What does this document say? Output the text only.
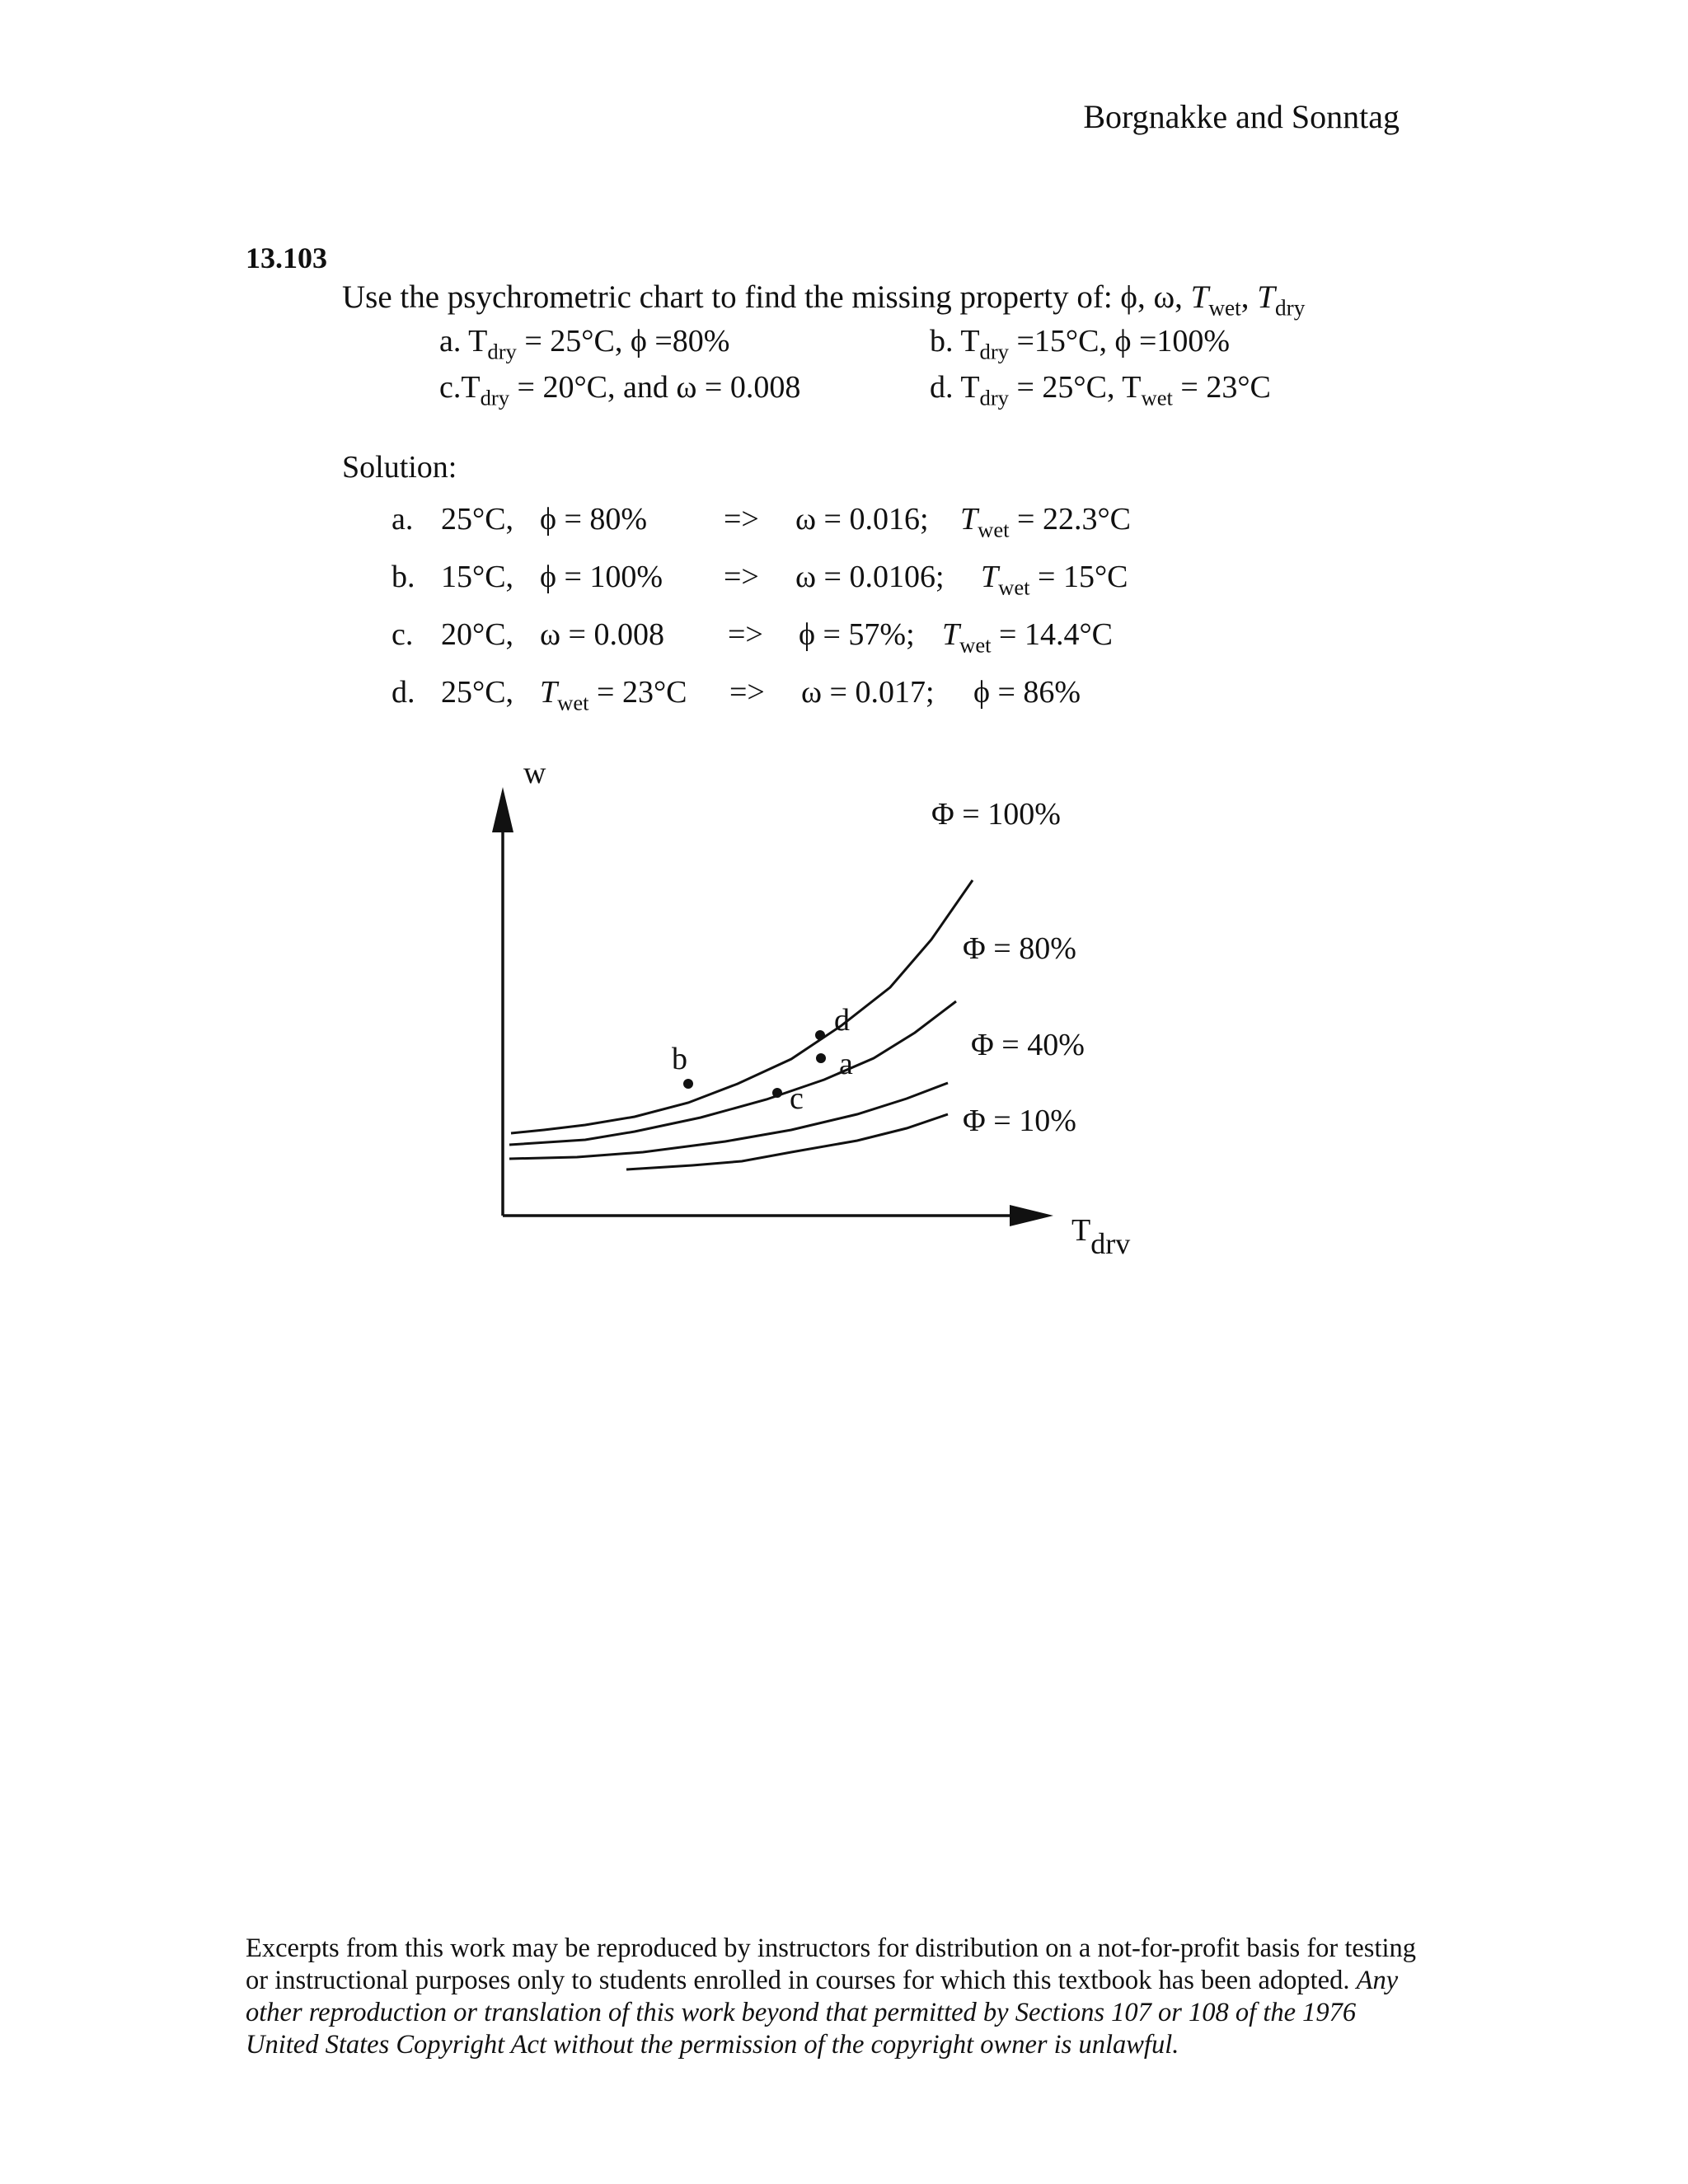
Borgnakke and Sonntag
13.103
Use the psychrometric chart to find the missing property of: ϕ, ω, $T_{wet}$, $T_{dry}$
a. $T_{dry} = 25^\circ C$, ϕ =80%	b. $T_{dry} =15^\circ C$, ϕ =100%
$c.T_{dry} = 20^\circ C$, and ω = 0.008	d. $T_{dry} = 25^\circ C$, $T_{wet} = 23^\circ C$
Solution:
a. 25°C, ϕ = 80% => ω = 0.016; $T_{wet} = 22.3^\circ C$
b. 15°C, ϕ = 100% => ω = 0.0106; $T_{wet} = 15^\circ C$
c. 20°C, ω = 0.008 => ϕ = 57%; $T_{wet} = 14.4^\circ C$
d. 25°C, $T_{wet} = 23^\circ C => \omega = 0.017$; ϕ = 86%
w
Tdrv
Φ = 100%
Φ = 80%
Φ = 40%
Φ = 10%
b
c
d
a
Excerpts from this work may be reproduced by instructors for distribution on a not-for-profit basis for testing or instructional purposes only to students enrolled in courses for which this textbook has been adopted. Any other reproduction or translation of this work beyond that permitted by Sections 107 or 108 of the 1976 United States Copyright Act without the permission of the copyright owner is unlawful.
